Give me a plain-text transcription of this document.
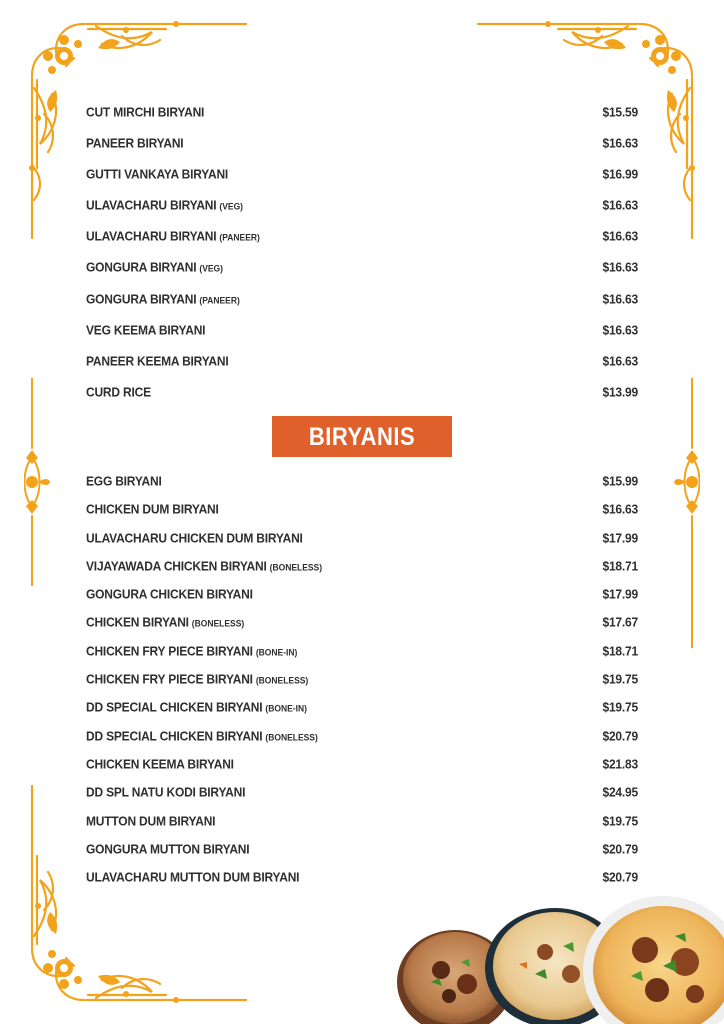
CUT MIRCHI BIRYANI	$15.59
PANEER BIRYANI	$16.63
GUTTI VANKAYA BIRYANI	$16.99
ULAVACHARU BIRYANI (VEG)	$16.63
ULAVACHARU BIRYANI (PANEER)	$16.63
GONGURA BIRYANI (VEG)	$16.63
GONGURA BIRYANI (PANEER)	$16.63
VEG KEEMA BIRYANI	$16.63
PANEER KEEMA BIRYANI	$16.63
CURD RICE	$13.99
BIRYANIS
EGG BIRYANI	$15.99
CHICKEN DUM BIRYANI	$16.63
ULAVACHARU CHICKEN DUM BIRYANI	$17.99
VIJAYAWADA CHICKEN BIRYANI (BONELESS)	$18.71
GONGURA CHICKEN BIRYANI	$17.99
CHICKEN BIRYANI (BONELESS)	$17.67
CHICKEN FRY PIECE BIRYANI (BONE-IN)	$18.71
CHICKEN FRY PIECE BIRYANI (BONELESS)	$19.75
DD SPECIAL CHICKEN BIRYANI (BONE-IN)	$19.75
DD SPECIAL CHICKEN BIRYANI (BONELESS)	$20.79
CHICKEN KEEMA BIRYANI	$21.83
DD SPL NATU KODI BIRYANI	$24.95
MUTTON DUM BIRYANI	$19.75
GONGURA MUTTON BIRYANI	$20.79
ULAVACHARU MUTTON DUM BIRYANI	$20.79
